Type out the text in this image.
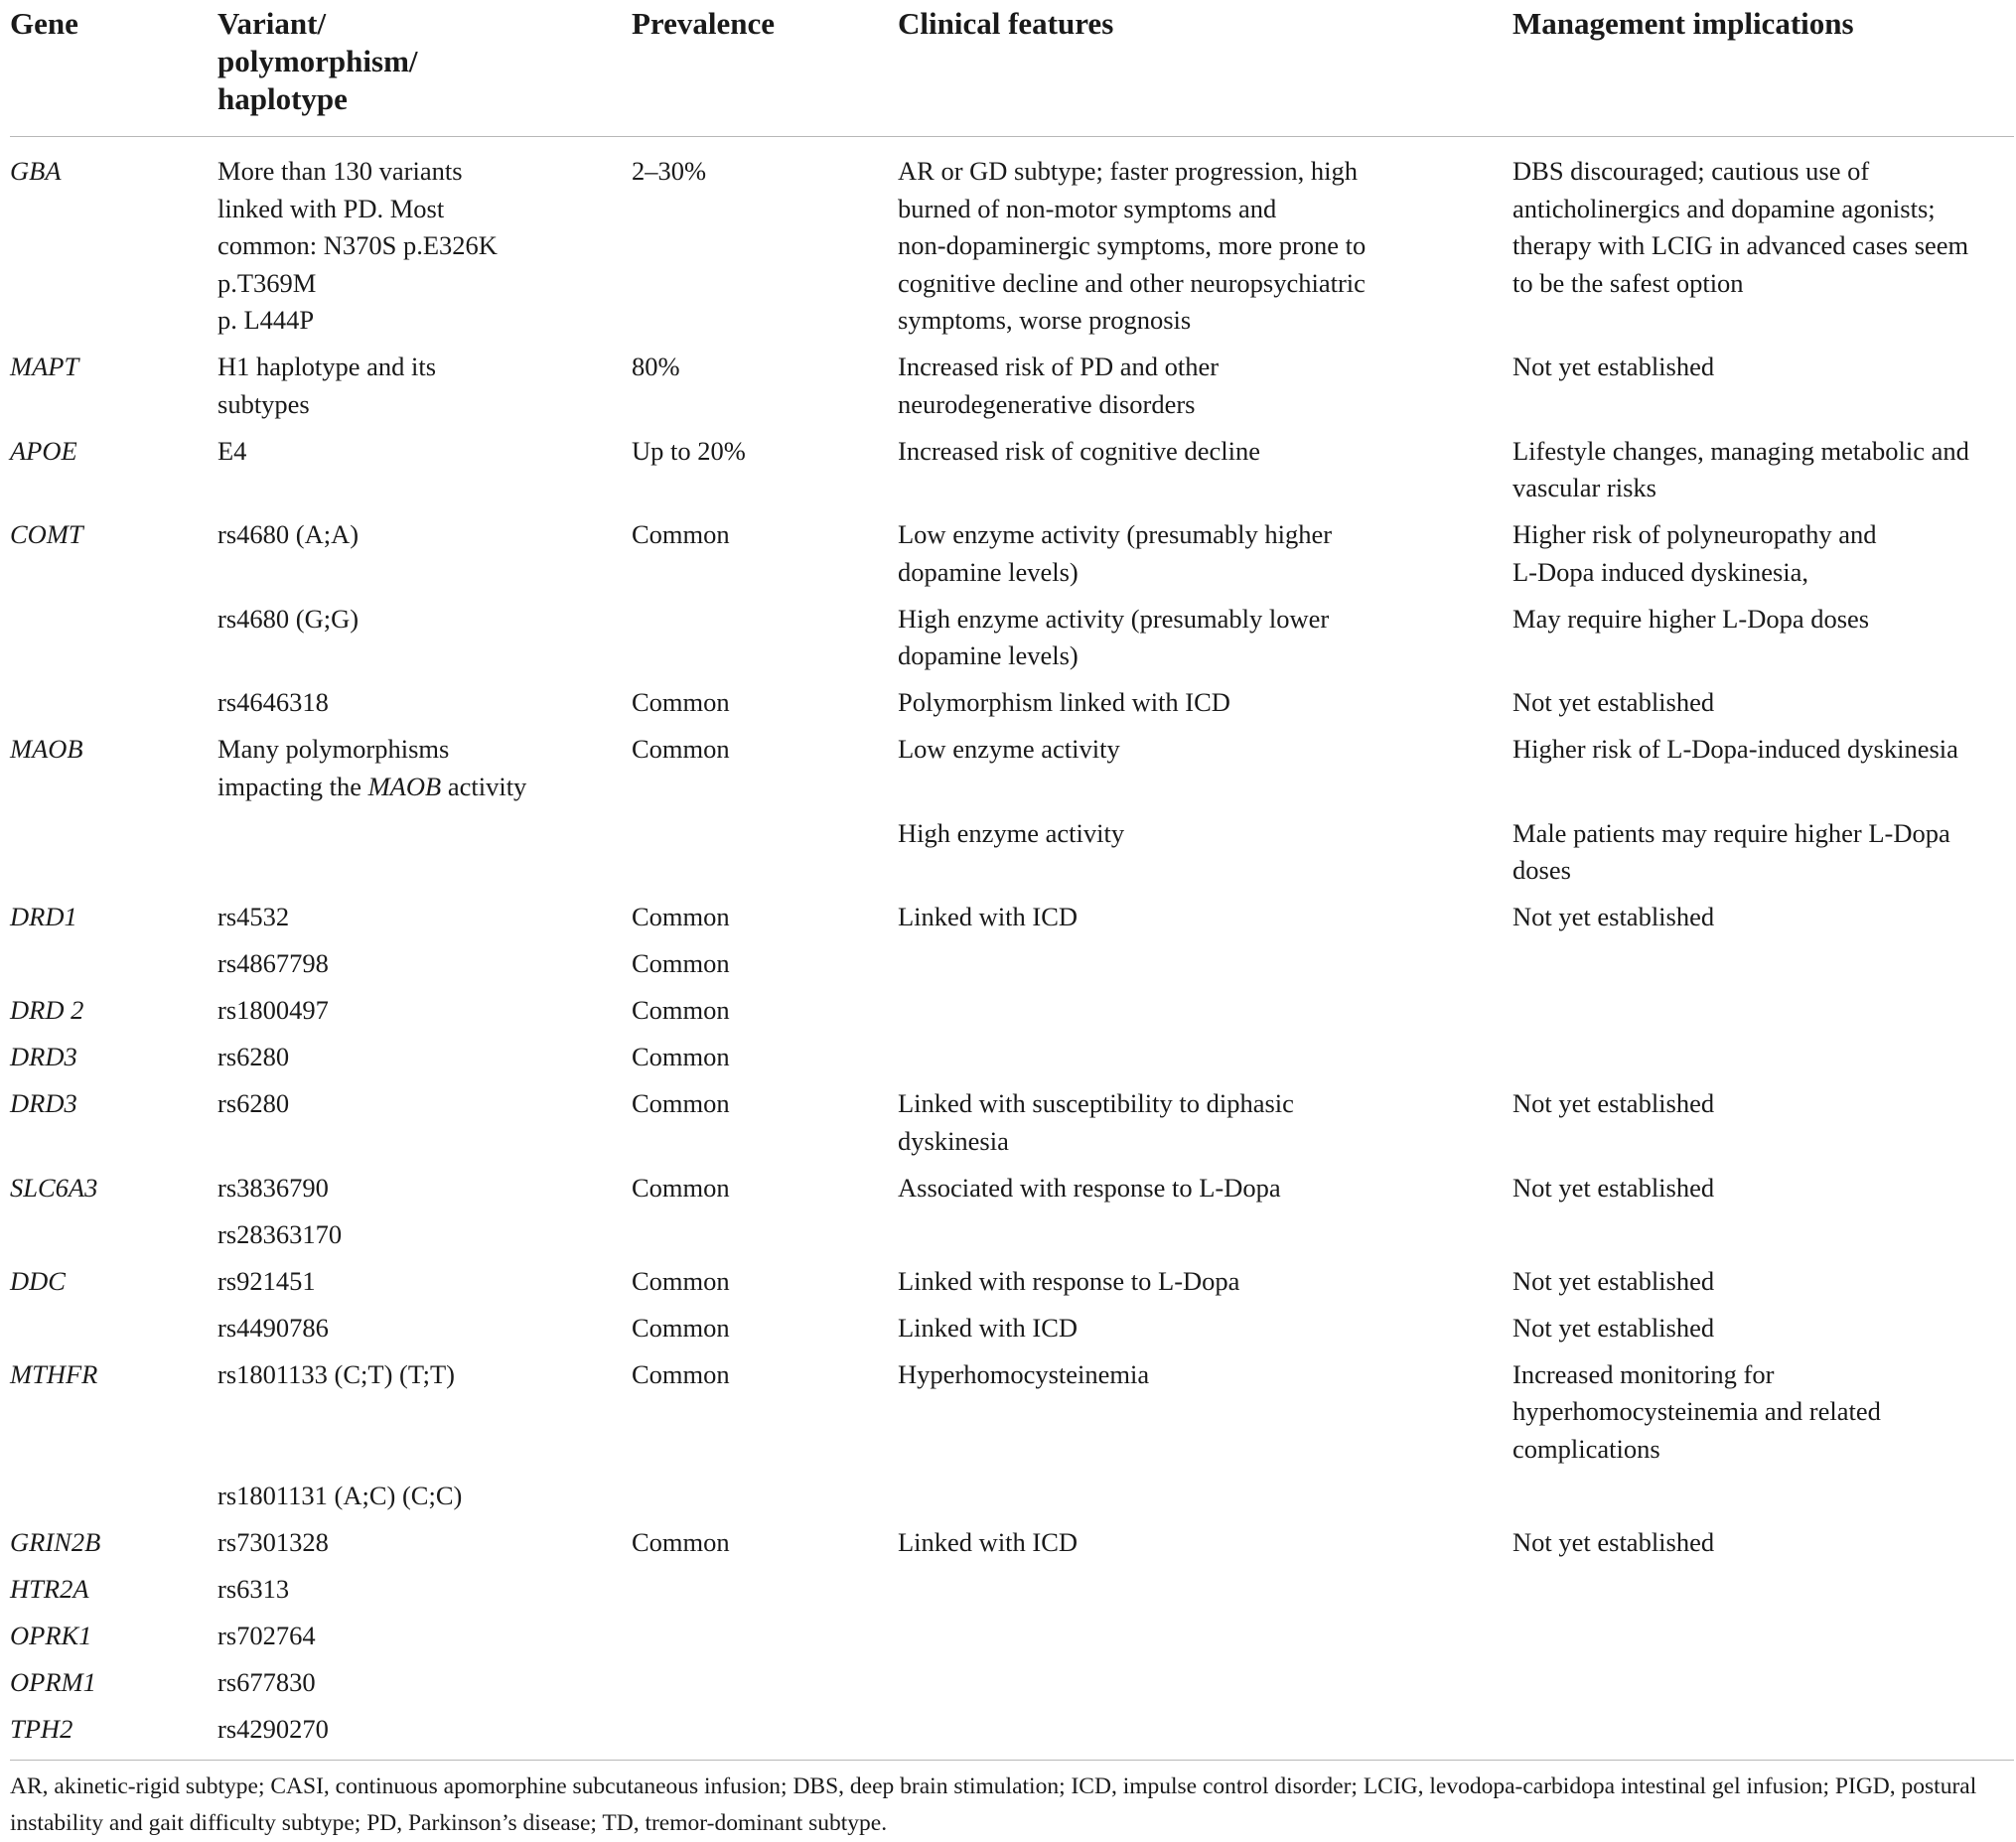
Gene	Variant/
polymorphism/
haplotype	Prevalence	Clinical features	Management implications
GBA	More than 130 variants
linked with PD. Most
common: N370S p.E326K
p.T369M
p. L444P	2–30%	AR or GD subtype; faster progression, high
burned of non-motor symptoms and
non-dopaminergic symptoms, more prone to
cognitive decline and other neuropsychiatric
symptoms, worse prognosis	DBS discouraged; cautious use of
anticholinergics and dopamine agonists;
therapy with LCIG in advanced cases seem
to be the safest option
MAPT	H1 haplotype and its
subtypes	80%	Increased risk of PD and other
neurodegenerative disorders	Not yet established
APOE	E4	Up to 20%	Increased risk of cognitive decline	Lifestyle changes, managing metabolic and
vascular risks
COMT	rs4680 (A;A)	Common	Low enzyme activity (presumably higher
dopamine levels)	Higher risk of polyneuropathy and
L-Dopa induced dyskinesia,
	rs4680 (G;G)		High enzyme activity (presumably lower
dopamine levels)	May require higher L-Dopa doses
	rs4646318	Common	Polymorphism linked with ICD	Not yet established
MAOB	Many polymorphisms
impacting the MAOB activity	Common	Low enzyme activity	Higher risk of L-Dopa-induced dyskinesia
			High enzyme activity	Male patients may require higher L-Dopa
doses
DRD1	rs4532	Common	Linked with ICD	Not yet established
	rs4867798	Common		
DRD 2	rs1800497	Common		
DRD3	rs6280	Common		
DRD3	rs6280	Common	Linked with susceptibility to diphasic
dyskinesia	Not yet established
SLC6A3	rs3836790	Common	Associated with response to L-Dopa	Not yet established
	rs28363170			
DDC	rs921451	Common	Linked with response to L-Dopa	Not yet established
	rs4490786	Common	Linked with ICD	Not yet established
MTHFR	rs1801133 (C;T) (T;T)	Common	Hyperhomocysteinemia	Increased monitoring for
hyperhomocysteinemia and related
complications
	rs1801131 (A;C) (C;C)			
GRIN2B	rs7301328	Common	Linked with ICD	Not yet established
HTR2A	rs6313			
OPRK1	rs702764			
OPRM1	rs677830			
TPH2	rs4290270			
AR, akinetic-rigid subtype; CASI, continuous apomorphine subcutaneous infusion; DBS, deep brain stimulation; ICD, impulse control disorder; LCIG, levodopa-carbidopa intestinal gel infusion; PIGD, postural instability and gait difficulty subtype; PD, Parkinson’s disease; TD, tremor-dominant subtype.
